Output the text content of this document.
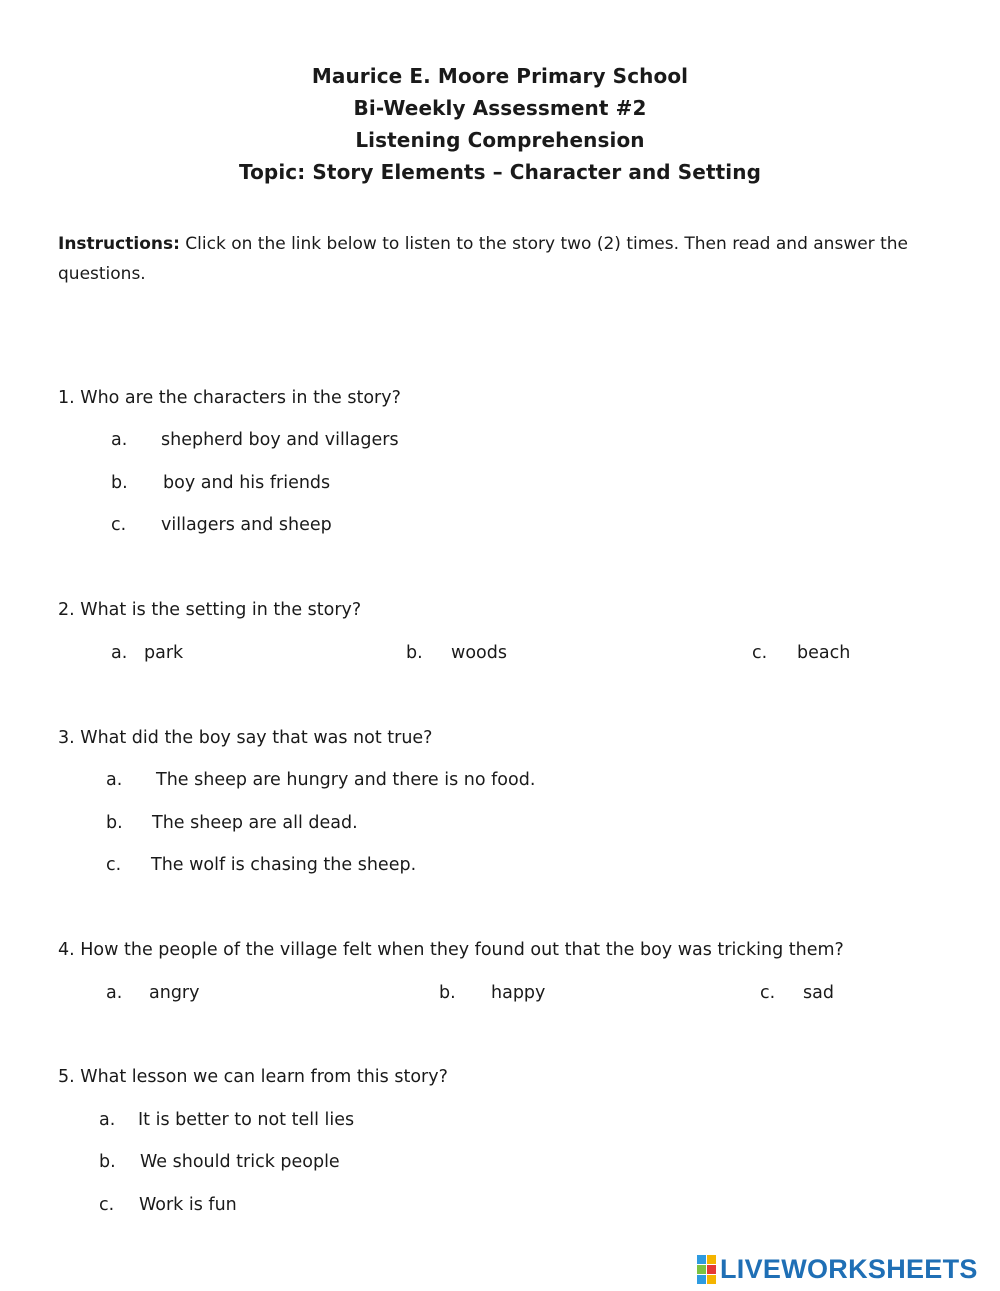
Maurice E. Moore Primary School
Bi-Weekly Assessment #2
Listening Comprehension
Topic: Story Elements – Character and Setting
Instructions: Click on the link below to listen to the story two (2) times. Then read and answer the questions.
1. Who are the characters in the story?
a. shepherd boy and villagers
b. boy and his friends
c. villagers and sheep
2. What is the setting in the story?
a. park	b. woods	c. beach
3. What did the boy say that was not true?
a. The sheep are hungry and there is no food.
b. The sheep are all dead.
c. The wolf is chasing the sheep.
4. How the people of the village felt when they found out that the boy was tricking them?
a. angry	b. happy	c. sad
5. What lesson we can learn from this story?
a. It is better to not tell lies
b. We should trick people
c. Work is fun
LIVEWORKSHEETS
